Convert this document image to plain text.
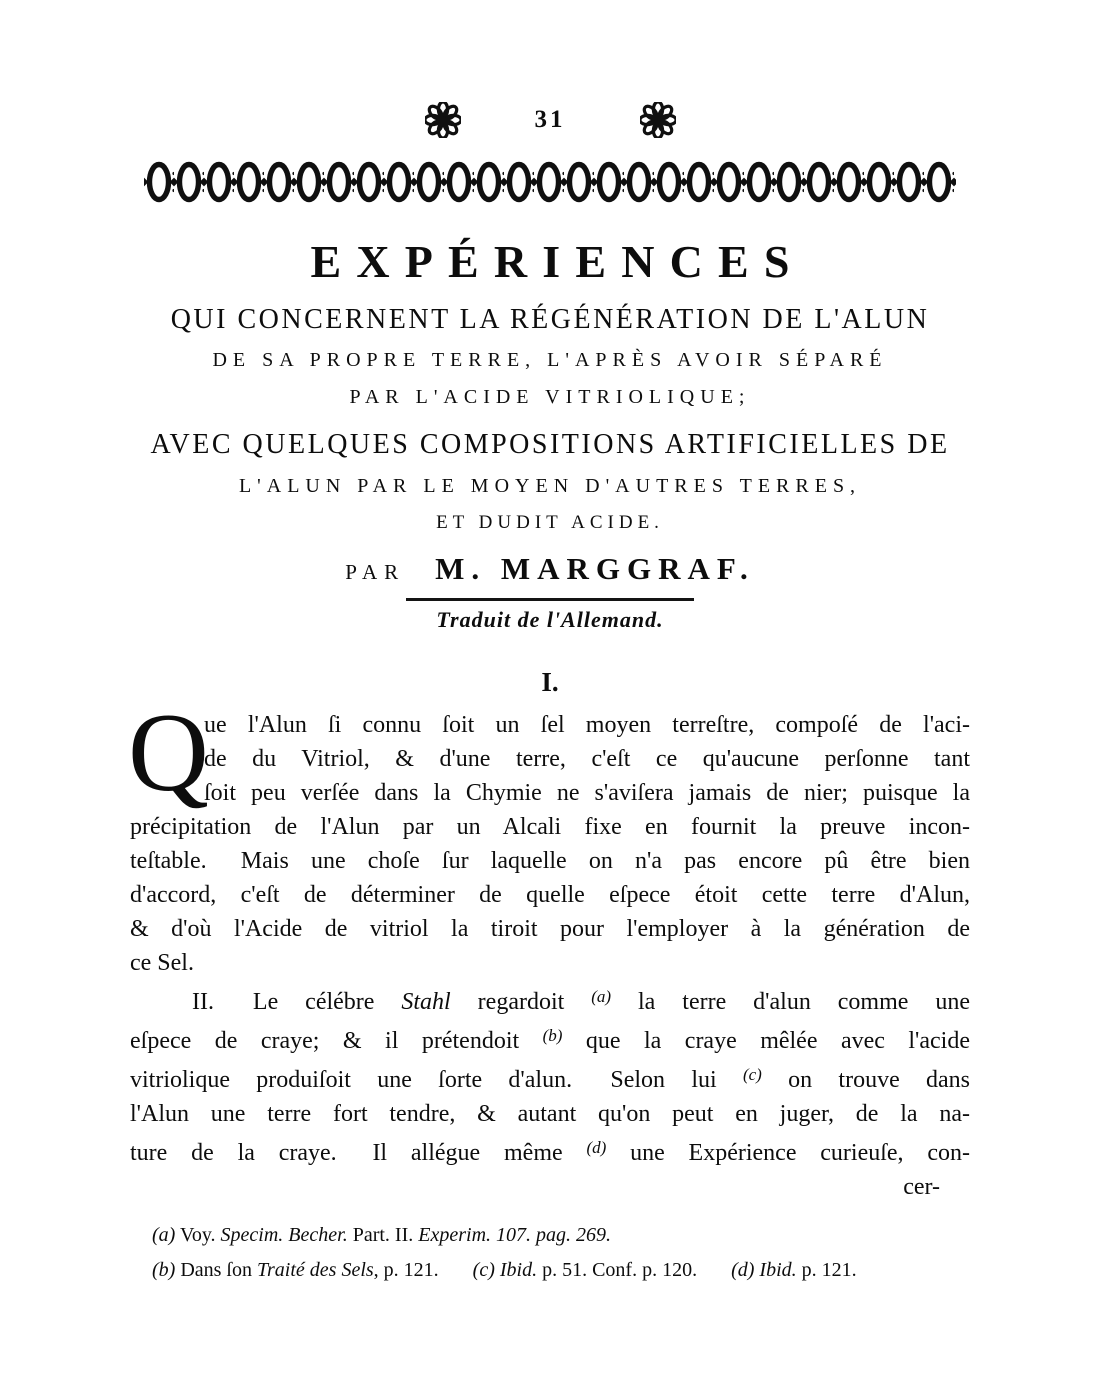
31
EXPÉRIENCES
QUI CONCERNENT LA RÉGÉNÉRATION DE L'ALUN
DE SA PROPRE TERRE, L'APRÈS AVOIR SÉPARÉ
PAR L'ACIDE VITRIOLIQUE;
AVEC QUELQUES COMPOSITIONS ARTIFICIELLES DE
L'ALUN PAR LE MOYEN D'AUTRES TERRES,
ET DUDIT ACIDE.
PAR M. MARGGRAF.
Traduit de l'Allemand.
I.
Q
ue l'Alun ſi connu ſoit un ſel moyen terreſtre, compoſé de l'aci-
de du Vitriol, & d'une terre, c'eſt ce qu'aucune perſonne tant
ſoit peu verſée dans la Chymie ne s'aviſera jamais de nier; puisque la
précipitation de l'Alun par un Alcali fixe en fournit la preuve incon-
teſtable.  Mais une choſe ſur laquelle on n'a pas encore pû être bien
d'accord, c'eſt de déterminer de quelle eſpece étoit cette terre d'Alun,
& d'où l'Acide de vitriol la tiroit pour l'employer à la génération de
ce Sel.
II.  Le célébre Stahl regardoit $^{(a)}$ la terre d'alun comme une
eſpece de craye; & il prétendoit $^{(b)}$ que la craye mêlée avec l'acide
vitriolique produiſoit une ſorte d'alun.  Selon lui $^{(c)}$ on trouve dans
l'Alun une terre fort tendre, & autant qu'on peut en juger, de la na-
ture de la craye.  Il allégue même $^{(d)}$ une Expérience curieuſe, con-
cer-
(a) Voy. Specim. Becher. Part. II. Experim. 107. pag. 269.
(b) Dans ſon Traité des Sels, p. 121. (c) Ibid. p. 51. Conf. p. 120. (d) Ibid. p. 121.
